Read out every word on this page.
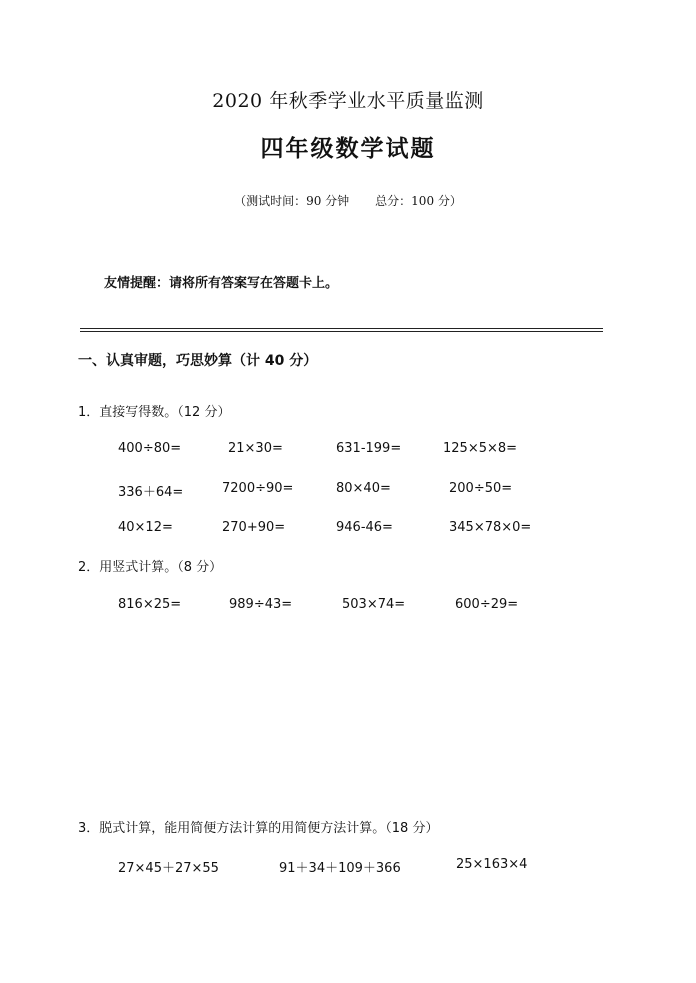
2020 年秋季学业水平质量监测
四年级数学试题
（测试时间：90 分钟 总分：100 分）
友情提醒：请将所有答案写在答题卡上。
一、认真审题，巧思妙算（计 40 分）
1．直接写得数。（12 分）
400÷80=	21×30=	631-199=	125×5×8=
336＋64=	7200÷90=	80×40=	200÷50=
40×12=	270+90=	946-46=	345×78×0=
2．用竖式计算。（8 分）
816×25=	989÷43=	503×74=	600÷29=
3．脱式计算，能用简便方法计算的用简便方法计算。（18 分）
27×45＋27×55	91＋34＋109＋366	25×163×4
